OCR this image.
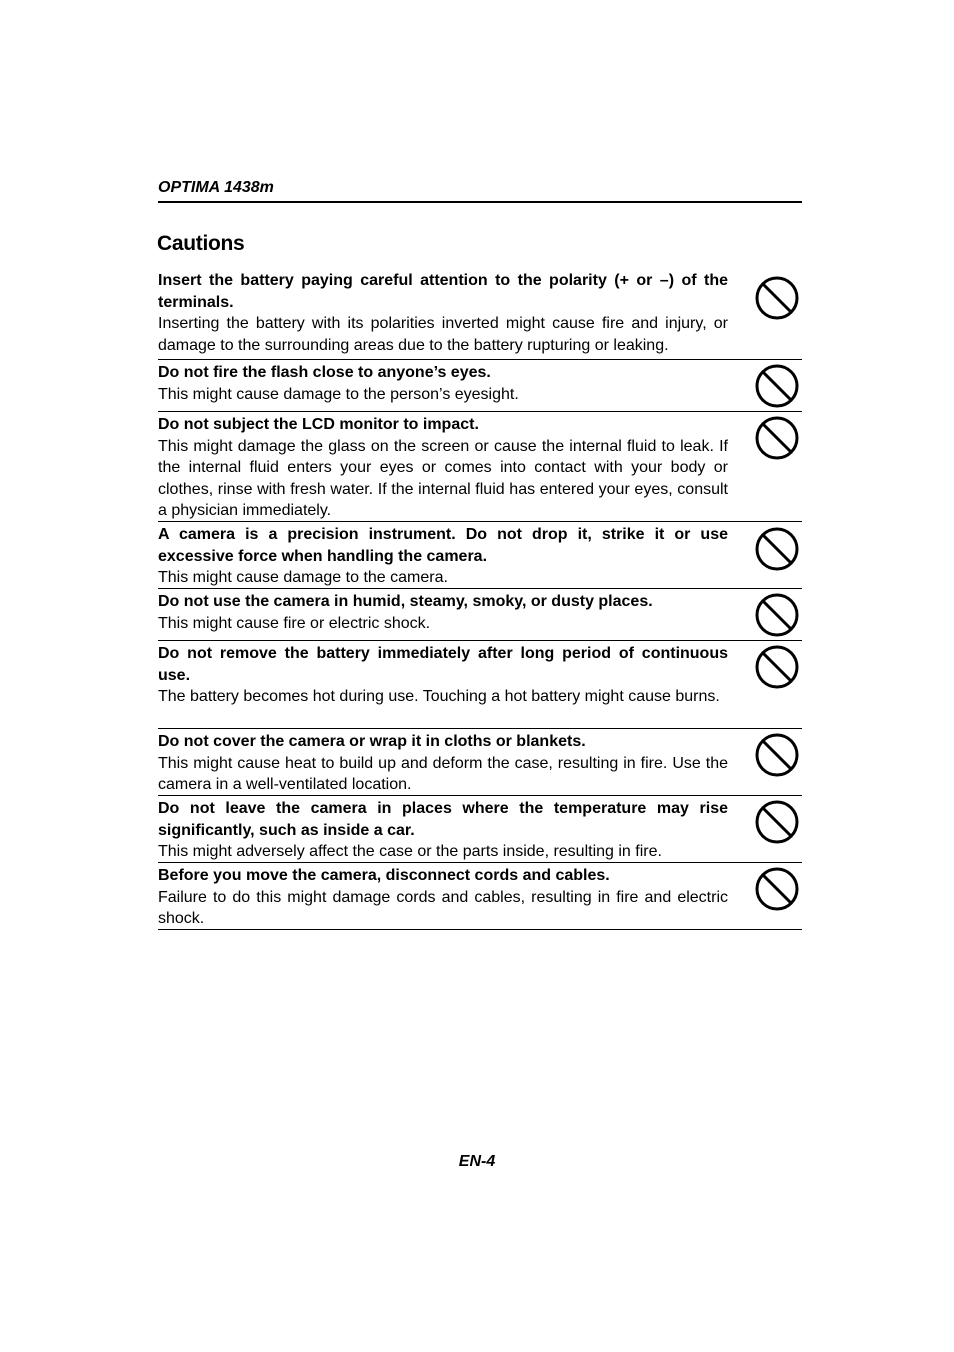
OPTIMA 1438m
Cautions
Insert the battery paying careful attention to the polarity (+ or –) of the terminals.
Inserting the battery with its polarities inverted might cause fire and injury, or damage to the surrounding areas due to the battery rupturing or leaking.
Do not fire the flash close to anyone’s eyes.
This might cause damage to the person’s eyesight.
Do not subject the LCD monitor to impact.
This might damage the glass on the screen or cause the internal fluid to leak. If the internal fluid enters your eyes or comes into contact with your body or clothes, rinse with fresh water. If the internal fluid has entered your eyes, consult a physician immediately.
A camera is a precision instrument. Do not drop it, strike it or use excessive force when handling the camera.
This might cause damage to the camera.
Do not use the camera in humid, steamy, smoky, or dusty places.
This might cause fire or electric shock.
Do not remove the battery immediately after long period of continuous use.
The battery becomes hot during use. Touching a hot battery might cause burns.
Do not cover the camera or wrap it in cloths or blankets.
This might cause heat to build up and deform the case, resulting in fire. Use the camera in a well-ventilated location.
Do not leave the camera in places where the temperature may rise significantly, such as inside a car.
This might adversely affect the case or the parts inside, resulting in fire.
Before you move the camera, disconnect cords and cables.
Failure to do this might damage cords and cables, resulting in fire and electric shock.
EN-4
